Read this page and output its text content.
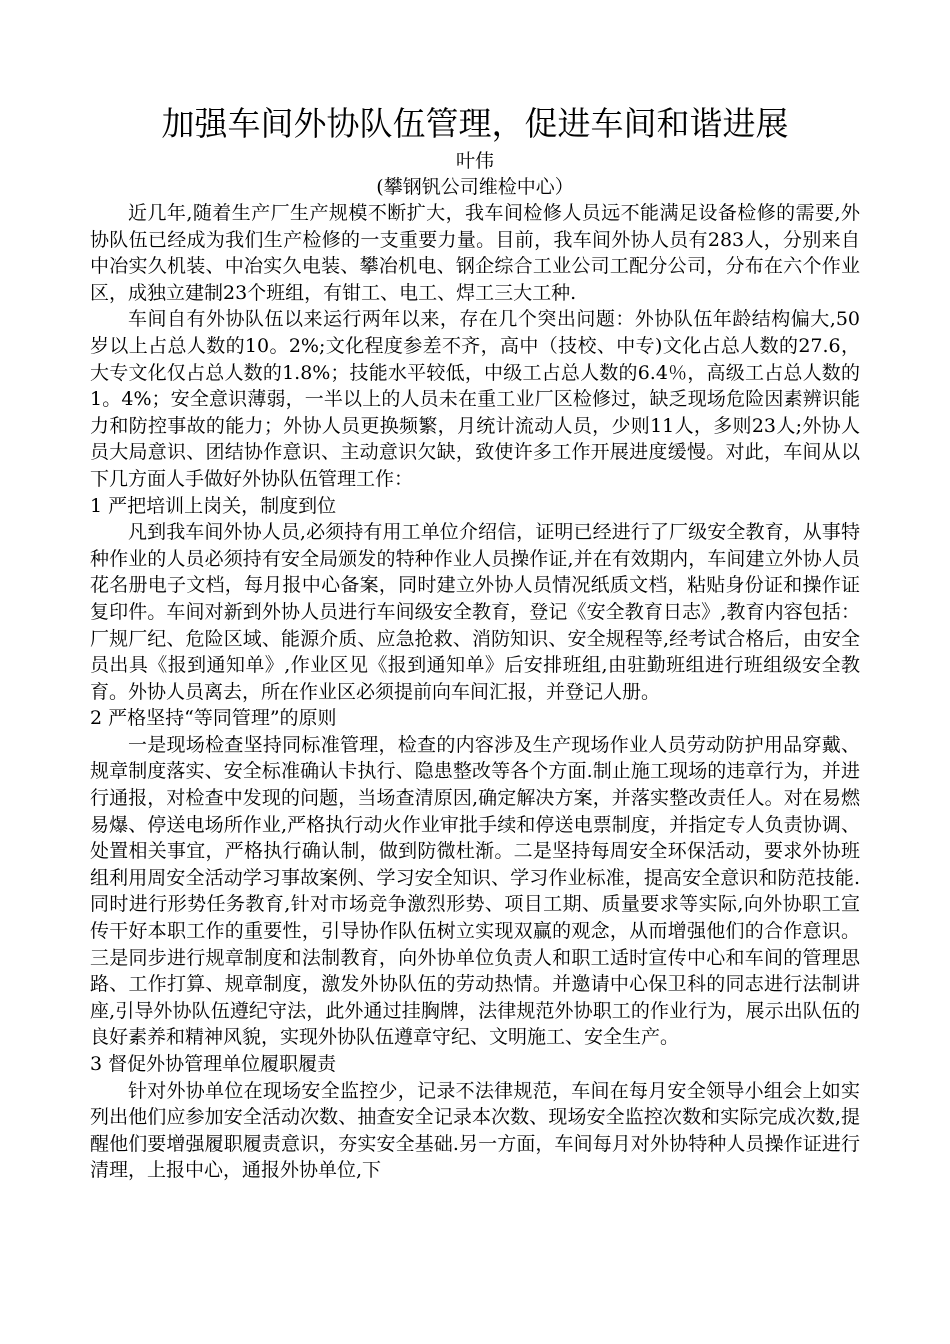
加强车间外协队伍管理，促进车间和谐进展

叶伟

(攀钢钒公司维检中心）

近几年,随着生产厂生产规模不断扩大，我车间检修人员远不能满足设备检修的需要,外协队伍已经成为我们生产检修的一支重要力量。目前，我车间外协人员有283人，分别来自中冶实久机装、中冶实久电装、攀冶机电、钢企综合工业公司工配分公司，分布在六个作业区，成独立建制23个班组，有钳工、电工、焊工三大工种.

车间自有外协队伍以来运行两年以来，存在几个突出问题：外协队伍年龄结构偏大,50岁以上占总人数的10。2%;文化程度参差不齐，高中（技校、中专)文化占总人数的27.6，大专文化仅占总人数的1.8%；技能水平较低，中级工占总人数的6.4％，高级工占总人数的1。4%；安全意识薄弱，一半以上的人员未在重工业厂区检修过，缺乏现场危险因素辨识能力和防控事故的能力；外协人员更换频繁，月统计流动人员，少则11人，多则23人;外协人员大局意识、团结协作意识、主动意识欠缺，致使许多工作开展进度缓慢。对此，车间从以下几方面人手做好外协队伍管理工作：

1 严把培训上岗关，制度到位

凡到我车间外协人员,必须持有用工单位介绍信，证明已经进行了厂级安全教育，从事特种作业的人员必须持有安全局颁发的特种作业人员操作证,并在有效期内，车间建立外协人员花名册电子文档，每月报中心备案，同时建立外协人员情况纸质文档，粘贴身份证和操作证复印件。车间对新到外协人员进行车间级安全教育，登记《安全教育日志》,教育内容包括：厂规厂纪、危险区域、能源介质、应急抢救、消防知识、安全规程等,经考试合格后，由安全员出具《报到通知单》,作业区见《报到通知单》后安排班组,由驻勤班组进行班组级安全教育。外协人员离去，所在作业区必须提前向车间汇报，并登记人册。

2 严格坚持“等同管理”的原则

一是现场检查坚持同标准管理，检查的内容涉及生产现场作业人员劳动防护用品穿戴、规章制度落实、安全标准确认卡执行、隐患整改等各个方面.制止施工现场的违章行为，并进行通报，对检查中发现的问题，当场查清原因,确定解决方案，并落实整改责任人。对在易燃易爆、停送电场所作业,严格执行动火作业审批手续和停送电票制度，并指定专人负责协调、处置相关事宜，严格执行确认制，做到防微杜渐。二是坚持每周安全环保活动，要求外协班组利用周安全活动学习事故案例、学习安全知识、学习作业标准，提高安全意识和防范技能.同时进行形势任务教育,针对市场竞争激烈形势、项目工期、质量要求等实际,向外协职工宣传干好本职工作的重要性，引导协作队伍树立实现双赢的观念，从而增强他们的合作意识。三是同步进行规章制度和法制教育，向外协单位负责人和职工适时宣传中心和车间的管理思路、工作打算、规章制度，激发外协队伍的劳动热情。并邀请中心保卫科的同志进行法制讲座,引导外协队伍遵纪守法，此外通过挂胸牌，法律规范外协职工的作业行为，展示出队伍的良好素养和精神风貌，实现外协队伍遵章守纪、文明施工、安全生产。

3 督促外协管理单位履职履责

针对外协单位在现场安全监控少，记录不法律规范，车间在每月安全领导小组会上如实列出他们应参加安全活动次数、抽查安全记录本次数、现场安全监控次数和实际完成次数,提醒他们要增强履职履责意识，夯实安全基础.另一方面，车间每月对外协特种人员操作证进行清理，上报中心，通报外协单位,下
